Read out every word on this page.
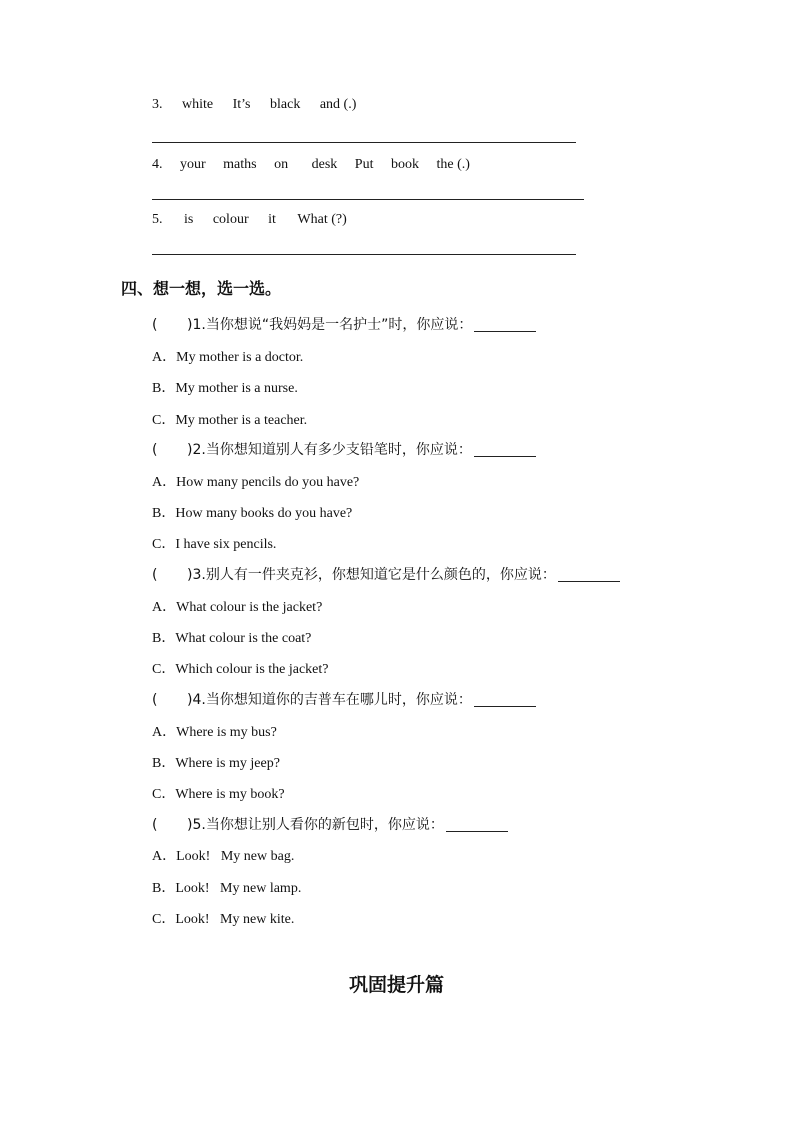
3. white It’s black and (.)
4. your maths on desk Put book the (.)
5. is colour it What (?)
四、想一想，选一选。
( )1.当你想说“我妈妈是一名护士”时，你应说：
A．My mother is a doctor.
B．My mother is a nurse.
C．My mother is a teacher.
( )2.当你想知道别人有多少支铅笔时，你应说：
A．How many pencils do you have?
B．How many books do you have?
C．I have six pencils.
( )3.别人有一件夹克衫，你想知道它是什么颜色的，你应说：
A．What colour is the jacket?
B．What colour is the coat?
C．Which colour is the jacket?
( )4.当你想知道你的吉普车在哪儿时，你应说：
A．Where is my bus?
B．Where is my jeep?
C．Where is my book?
( )5.当你想让别人看你的新包时，你应说：
A．Look!   My new bag.
B．Look!   My new lamp.
C．Look!   My new kite.
巩固提升篇
